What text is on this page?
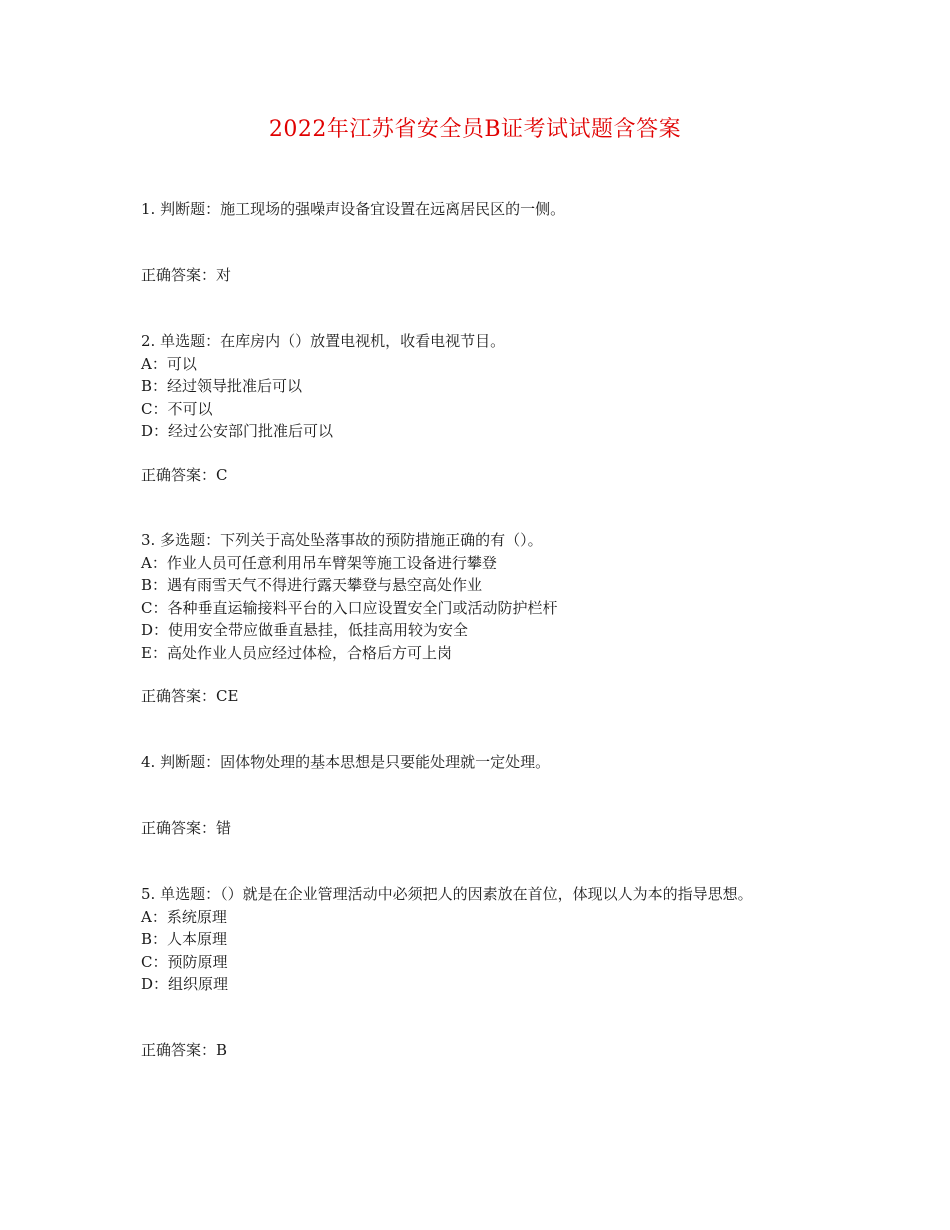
2022年江苏省安全员B证考试试题含答案
1. 判断题：施工现场的强噪声设备宜设置在远离居民区的一侧。
正确答案：对
2. 单选题：在库房内（）放置电视机，收看电视节目。
A：可以
B：经过领导批准后可以
C：不可以
D：经过公安部门批准后可以
正确答案：C
3. 多选题：下列关于高处坠落事故的预防措施正确的有（）。
A：作业人员可任意利用吊车臂架等施工设备进行攀登
B：遇有雨雪天气不得进行露天攀登与悬空高处作业
C：各种垂直运输接料平台的入口应设置安全门或活动防护栏杆
D：使用安全带应做垂直悬挂，低挂高用较为安全
E：高处作业人员应经过体检，合格后方可上岗
正确答案：CE
4. 判断题：固体物处理的基本思想是只要能处理就一定处理。
正确答案：错
5. 单选题：（）就是在企业管理活动中必须把人的因素放在首位，体现以人为本的指导思想。
A：系统原理
B：人本原理
C：预防原理
D：组织原理
正确答案：B
